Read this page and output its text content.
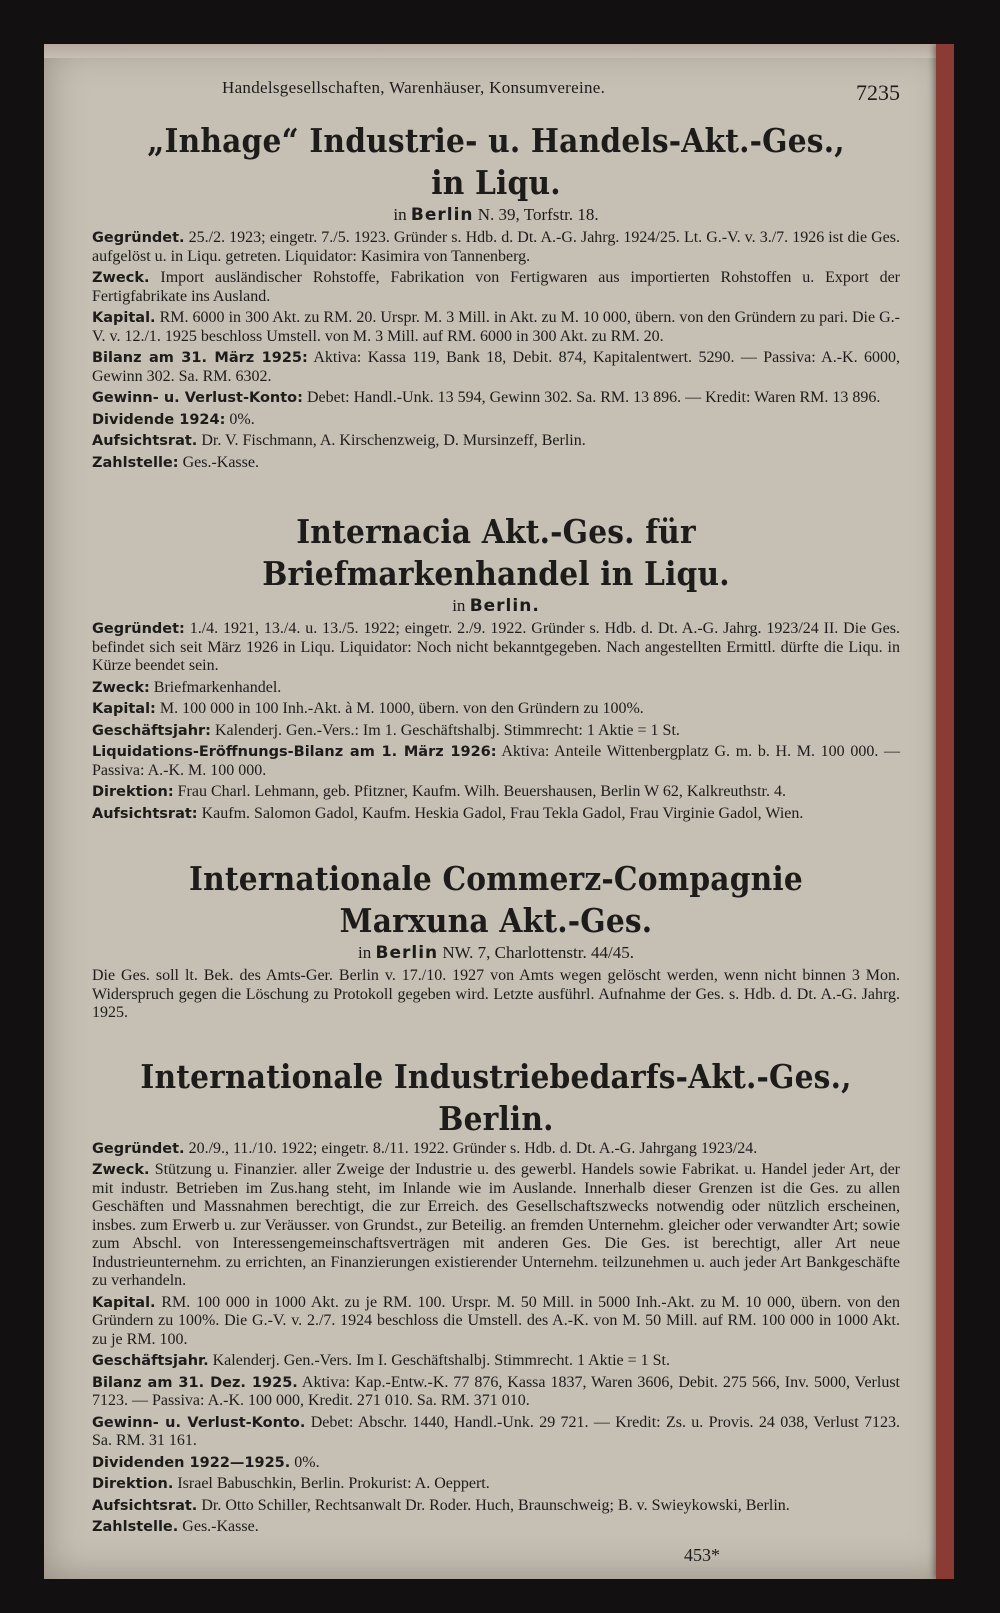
Handelsgesellschaften, Warenhäuser, Konsumvereine.	7235
„Inhage“ Industrie- u. Handels-Akt.-Ges., in Liqu.
in Berlin N. 39, Torfstr. 18.

Gegründet. 25./2. 1923; eingetr. 7./5. 1923. Gründer s. Hdb. d. Dt. A.-G. Jahrg. 1924/25. Lt. G.-V. v. 3./7. 1926 ist die Ges. aufgelöst u. in Liqu. getreten. Liquidator: Kasimira von Tannenberg.

Zweck. Import ausländischer Rohstoffe, Fabrikation von Fertigwaren aus importierten Rohstoffen u. Export der Fertigfabrikate ins Ausland.

Kapital. RM. 6000 in 300 Akt. zu RM. 20. Urspr. M. 3 Mill. in Akt. zu M. 10 000, übern. von den Gründern zu pari. Die G.-V. v. 12./1. 1925 beschloss Umstell. von M. 3 Mill. auf RM. 6000 in 300 Akt. zu RM. 20.

Bilanz am 31. März 1925: Aktiva: Kassa 119, Bank 18, Debit. 874, Kapitalentwert. 5290. — Passiva: A.-K. 6000, Gewinn 302. Sa. RM. 6302.

Gewinn- u. Verlust-Konto: Debet: Handl.-Unk. 13 594, Gewinn 302. Sa. RM. 13 896. — Kredit: Waren RM. 13 896.

Dividende 1924: 0%.

Aufsichtsrat. Dr. V. Fischmann, A. Kirschenzweig, D. Mursinzeff, Berlin.

Zahlstelle: Ges.-Kasse.

Internacia Akt.-Ges. für Briefmarkenhandel in Liqu.
in Berlin.

Gegründet: 1./4. 1921, 13./4. u. 13./5. 1922; eingetr. 2./9. 1922. Gründer s. Hdb. d. Dt. A.-G. Jahrg. 1923/24 II. Die Ges. befindet sich seit März 1926 in Liqu. Liquidator: Noch nicht bekanntgegeben. Nach angestellten Ermittl. dürfte die Liqu. in Kürze beendet sein.

Zweck: Briefmarkenhandel.

Kapital: M. 100 000 in 100 Inh.-Akt. à M. 1000, übern. von den Gründern zu 100%.

Geschäftsjahr: Kalenderj. Gen.-Vers.: Im 1. Geschäftshalbj. Stimmrecht: 1 Aktie = 1 St.

Liquidations-Eröffnungs-Bilanz am 1. März 1926: Aktiva: Anteile Wittenbergplatz G. m. b. H. M. 100 000. — Passiva: A.-K. M. 100 000.

Direktion: Frau Charl. Lehmann, geb. Pfitzner, Kaufm. Wilh. Beuershausen, Berlin W 62, Kalkreuthstr. 4.

Aufsichtsrat: Kaufm. Salomon Gadol, Kaufm. Heskia Gadol, Frau Tekla Gadol, Frau Virginie Gadol, Wien.

Internationale Commerz-Compagnie Marxuna Akt.-Ges.
in Berlin NW. 7, Charlottenstr. 44/45.

Die Ges. soll lt. Bek. des Amts-Ger. Berlin v. 17./10. 1927 von Amts wegen gelöscht werden, wenn nicht binnen 3 Mon. Widerspruch gegen die Löschung zu Protokoll gegeben wird. Letzte ausführl. Aufnahme der Ges. s. Hdb. d. Dt. A.-G. Jahrg. 1925.

Internationale Industriebedarfs-Akt.-Ges., Berlin.

Gegründet. 20./9., 11./10. 1922; eingetr. 8./11. 1922. Gründer s. Hdb. d. Dt. A.-G. Jahrgang 1923/24.

Zweck. Stützung u. Finanzier. aller Zweige der Industrie u. des gewerbl. Handels sowie Fabrikat. u. Handel jeder Art, der mit industr. Betrieben im Zus.hang steht, im Inlande wie im Auslande. Innerhalb dieser Grenzen ist die Ges. zu allen Geschäften und Massnahmen berechtigt, die zur Erreich. des Gesellschaftszwecks notwendig oder nützlich erscheinen, insbes. zum Erwerb u. zur Veräusser. von Grundst., zur Beteilig. an fremden Unternehm. gleicher oder verwandter Art; sowie zum Abschl. von Interessengemeinschaftsverträgen mit anderen Ges. Die Ges. ist berechtigt, aller Art neue Industrieunternehm. zu errichten, an Finanzierungen existierender Unternehm. teilzunehmen u. auch jeder Art Bankgeschäfte zu verhandeln.

Kapital. RM. 100 000 in 1000 Akt. zu je RM. 100. Urspr. M. 50 Mill. in 5000 Inh.-Akt. zu M. 10 000, übern. von den Gründern zu 100%. Die G.-V. v. 2./7. 1924 beschloss die Umstell. des A.-K. von M. 50 Mill. auf RM. 100 000 in 1000 Akt. zu je RM. 100.

Geschäftsjahr. Kalenderj. Gen.-Vers. Im I. Geschäftshalbj. Stimmrecht. 1 Aktie = 1 St.

Bilanz am 31. Dez. 1925. Aktiva: Kap.-Entw.-K. 77 876, Kassa 1837, Waren 3606, Debit. 275 566, Inv. 5000, Verlust 7123. — Passiva: A.-K. 100 000, Kredit. 271 010. Sa. RM. 371 010.

Gewinn- u. Verlust-Konto. Debet: Abschr. 1440, Handl.-Unk. 29 721. — Kredit: Zs. u. Provis. 24 038, Verlust 7123. Sa. RM. 31 161.

Dividenden 1922—1925. 0%.

Direktion. Israel Babuschkin, Berlin. Prokurist: A. Oeppert.

Aufsichtsrat. Dr. Otto Schiller, Rechtsanwalt Dr. Roder. Huch, Braunschweig; B. v. Swieykowski, Berlin.

Zahlstelle. Ges.-Kasse.

453*
